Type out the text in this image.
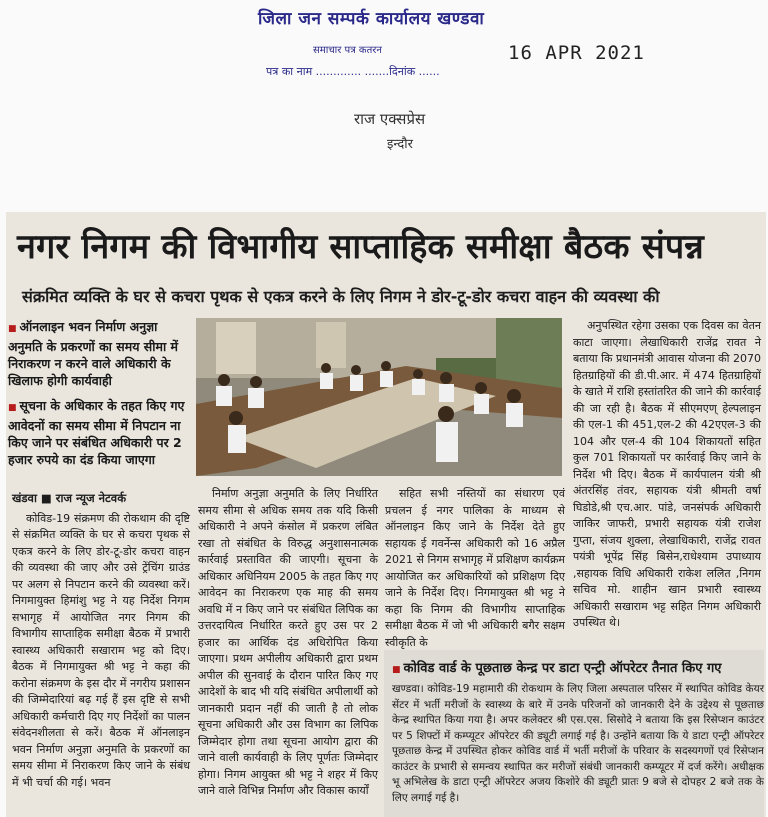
जिला जन सम्पर्क कार्यालय खण्डवा
समाचार पत्र कतरन	16 APR 2021
पत्र का नाम ............. .......दिनांक ......
राज एक्सप्रेस
इन्दौर
नगर निगम की विभागीय साप्ताहिक समीक्षा बैठक संपन्न
संक्रमित व्यक्ति के घर से कचरा पृथक से एकत्र करने के लिए निगम ने डोर-टू-डोर कचरा वाहन की व्यवस्था की
■ ऑनलाइन भवन निर्माण अनुज्ञा अनुमति के प्रकरणों का समय सीमा में निराकरण न करने वाले अधिकारी के खिलाफ होगी कार्यवाही
■ सूचना के अधिकार के तहत किए गए आवेदनों का समय सीमा में निपटान ना किए जाने पर संबंधित अधिकारी पर 2 हजार रुपये का दंड किया जाएगा
खंडवा ■ राज न्यूज नेटवर्क

कोविड-19 संक्रमण की रोकथाम की दृष्टि से संक्रमित व्यक्ति के घर से कचरा पृथक से एकत्र करने के लिए डोर-टू-डोर कचरा वाहन की व्यवस्था की जाए और उसे ट्रेंचिंग ग्राउंड पर अलग से निपटान करने की व्यवस्था करें। निगमायुक्त हिमांशु भट्ट ने यह निर्देश निगम सभागृह में आयोजित नगर निगम की विभागीय साप्ताहिक समीक्षा बैठक में प्रभारी स्वास्थ्य अधिकारी सखाराम भट्ट को दिए। बैठक में निगमायुक्त श्री भट्ट ने कहा की करोना संक्रमण के इस दौर में नगरीय प्रशासन की जिम्मेदारियां बढ़ गई हैं इस दृष्टि से सभी अधिकारी कर्मचारी दिए गए निर्देशों का पालन संवेदनशीलता से करें। बैठक में ऑनलाइन भवन निर्माण अनुज्ञा अनुमति के प्रकरणों का समय सीमा में निराकरण किए जाने के संबंध में भी चर्चा की गई। भवन

निर्माण अनुज्ञा अनुमति के लिए निर्धारित समय सीमा से अधिक समय तक यदि किसी अधिकारी ने अपने कंसोल में प्रकरण लंबित रखा तो संबंधित के विरुद्ध अनुशासनात्मक कार्रवाई प्रस्तावित की जाएगी। सूचना के अधिकार अधिनियम 2005 के तहत किए गए आवेदन का निराकरण एक माह की समय अवधि में न किए जाने पर संबंधित लिपिक का उत्तरदायित्व निर्धारित करते हुए उस पर 2 हजार का आर्थिक दंड अधिरोपित किया जाएगा। प्रथम अपीलीय अधिकारी द्वारा प्रथम अपील की सुनवाई के दौरान पारित किए गए आदेशों के बाद भी यदि संबंधित अपीलार्थी को जानकारी प्रदान नहीं की जाती है तो लोक सूचना अधिकारी और उस विभाग का लिपिक जिम्मेदार होगा तथा सूचना आयोग द्वारा की जाने वाली कार्यवाही के लिए पूर्णतः जिम्मेदार होगा। निगम आयुक्त श्री भट्ट ने शहर में किए जाने वाले विभिन्न निर्माण और विकास कार्यों

सहित सभी नस्तियों का संधारण एवं प्रचलन ई नगर पालिका के माध्यम से ऑनलाइन किए जाने के निर्देश देते हुए सहायक ई गवर्नेन्स अधिकारी को 16 अप्रैल 2021 से निगम सभागृह में प्रशिक्षण कार्यक्रम आयोजित कर अधिकारियों को प्रशिक्षण दिए जाने के निर्देश दिए। निगमायुक्त श्री भट्ट ने कहा कि निगम की विभागीय साप्ताहिक समीक्षा बैठक में जो भी अधिकारी बगैर सक्षम स्वीकृति के

अनुपस्थित रहेगा उसका एक दिवस का वेतन काटा जाएगा। लेखाधिकारी राजेंद्र रावत ने बताया कि प्रधानमंत्री आवास योजना की 2070 हितग्राहियों की डी.पी.आर. में 474 हितग्राहियों के खाते में राशि हस्तांतरित की जाने की कार्रवाई की जा रही है। बैठक में सीएमएण् हेल्पलाइन की एल-1 की 451,एल-2 की 42एएल-3 की 104 और एल-4 की 104 शिकायतों सहित कुल 701 शिकायतों पर कार्रवाई किए जाने के निर्देश भी दिए। बैठक में कार्यपालन यंत्री श्री अंतरसिंह तंवर, सहायक यंत्री श्रीमती वर्षा घिडोडे,श्री एच.आर. पांडे, जनसंपर्क अधिकारी जाकिर जाफरी, प्रभारी सहायक यंत्री राजेश गुप्ता, संजय शुक्ला, लेखाधिकारी, राजेंद्र रावत पयंत्री भूपेंद्र सिंह बिसेन,राधेश्याम उपाध्याय ,सहायक विधि अधिकारी राकेश ललित ,निगम सचिव मो. शाहीन खान प्रभारी स्वास्थ्य अधिकारी सखाराम भट्ट सहित निगम अधिकारी उपस्थित थे।

■ कोविड वार्ड के पूछताछ केन्द्र पर डाटा एन्ट्री ऑपरेटर तैनात किए गए
खण्डवा। कोविड-19 महामारी की रोकथाम के लिए जिला अस्पताल परिसर में स्थापित कोविड केयर सेंटर में भर्ती मरीजों के स्वास्थ्य के बारे में उनके परिजनों को जानकारी देने के उद्देश्य से पूछताछ केन्द्र स्थापित किया गया है। अपर कलेक्टर श्री एस.एस. सिसोदे ने बताया कि इस रिसेप्शन काउंटर पर 5 शिफ्टों में कम्प्यूटर ऑपरेटर की ड्यूटी लगाई गई है। उन्होंने बताया कि ये डाटा एन्ट्री ऑपरेटर पूछताछ केन्द्र में उपस्थित होकर कोविड वार्ड में भर्ती मरीजों के परिवार के सदस्यगणों एवं रिसेप्शन काउंटर के प्रभारी से समन्वय स्थापित कर मरीजों संबंधी जानकारी कम्प्यूटर में दर्ज करेंगे। अधीक्षक भू अभिलेख के डाटा एन्ट्री ऑपरेटर अजय किशोरे की ड्यूटी प्रातः 9 बजे से दोपहर 2 बजे तक के लिए लगाई गई है।
